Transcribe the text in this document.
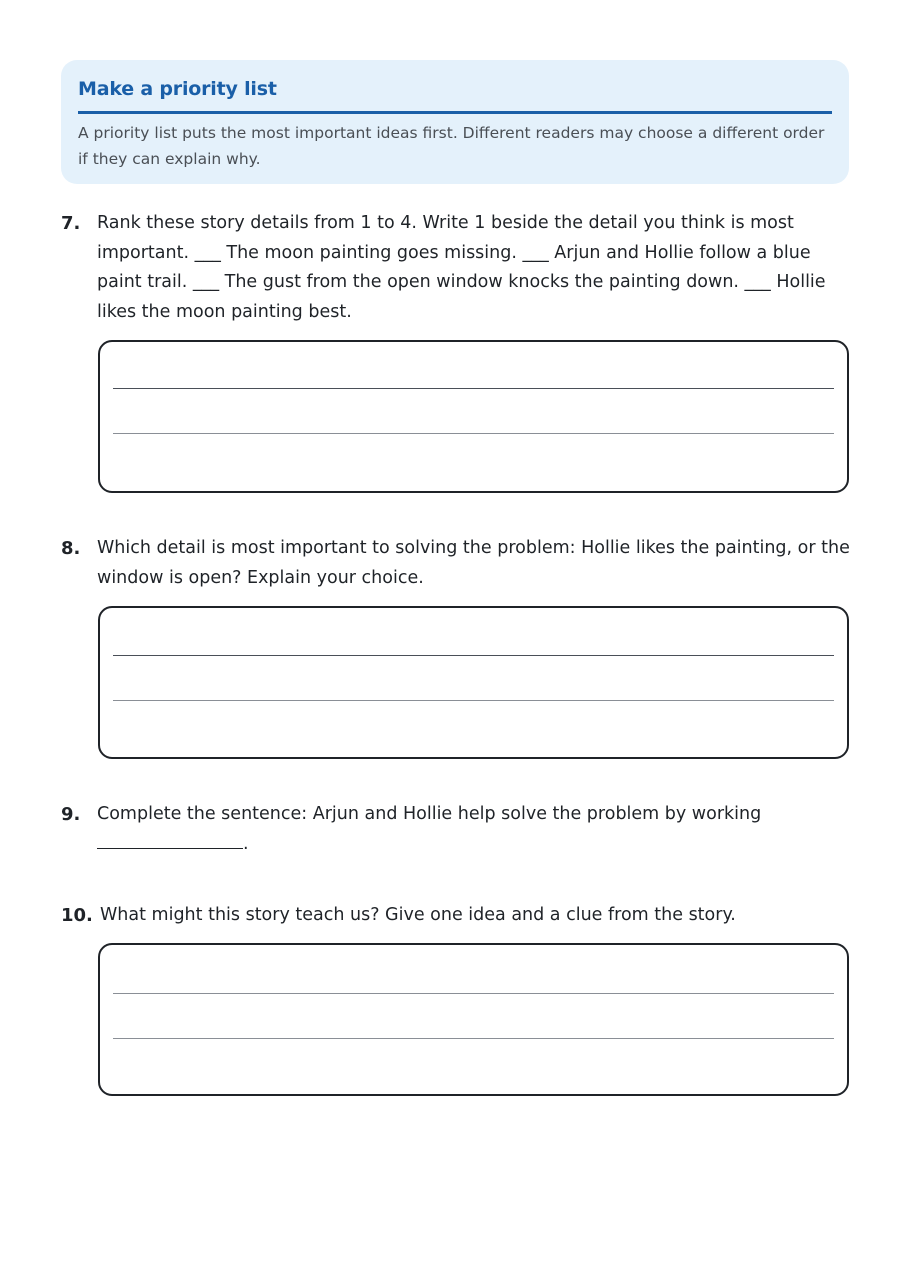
Make a priority list

A priority list puts the most important ideas first. Different readers may choose a different order if they can explain why.

7. Rank these story details from 1 to 4. Write 1 beside the detail you think is most important. ___ The moon painting goes missing. ___ Arjun and Hollie follow a blue paint trail. ___ The gust from the open window knocks the painting down. ___ Hollie likes the moon painting best.

8. Which detail is most important to solving the problem: Hollie likes the painting, or the window is open? Explain your choice.

9. Complete the sentence: Arjun and Hollie help solve the problem by working
.

10. What might this story teach us? Give one idea and a clue from the story.
